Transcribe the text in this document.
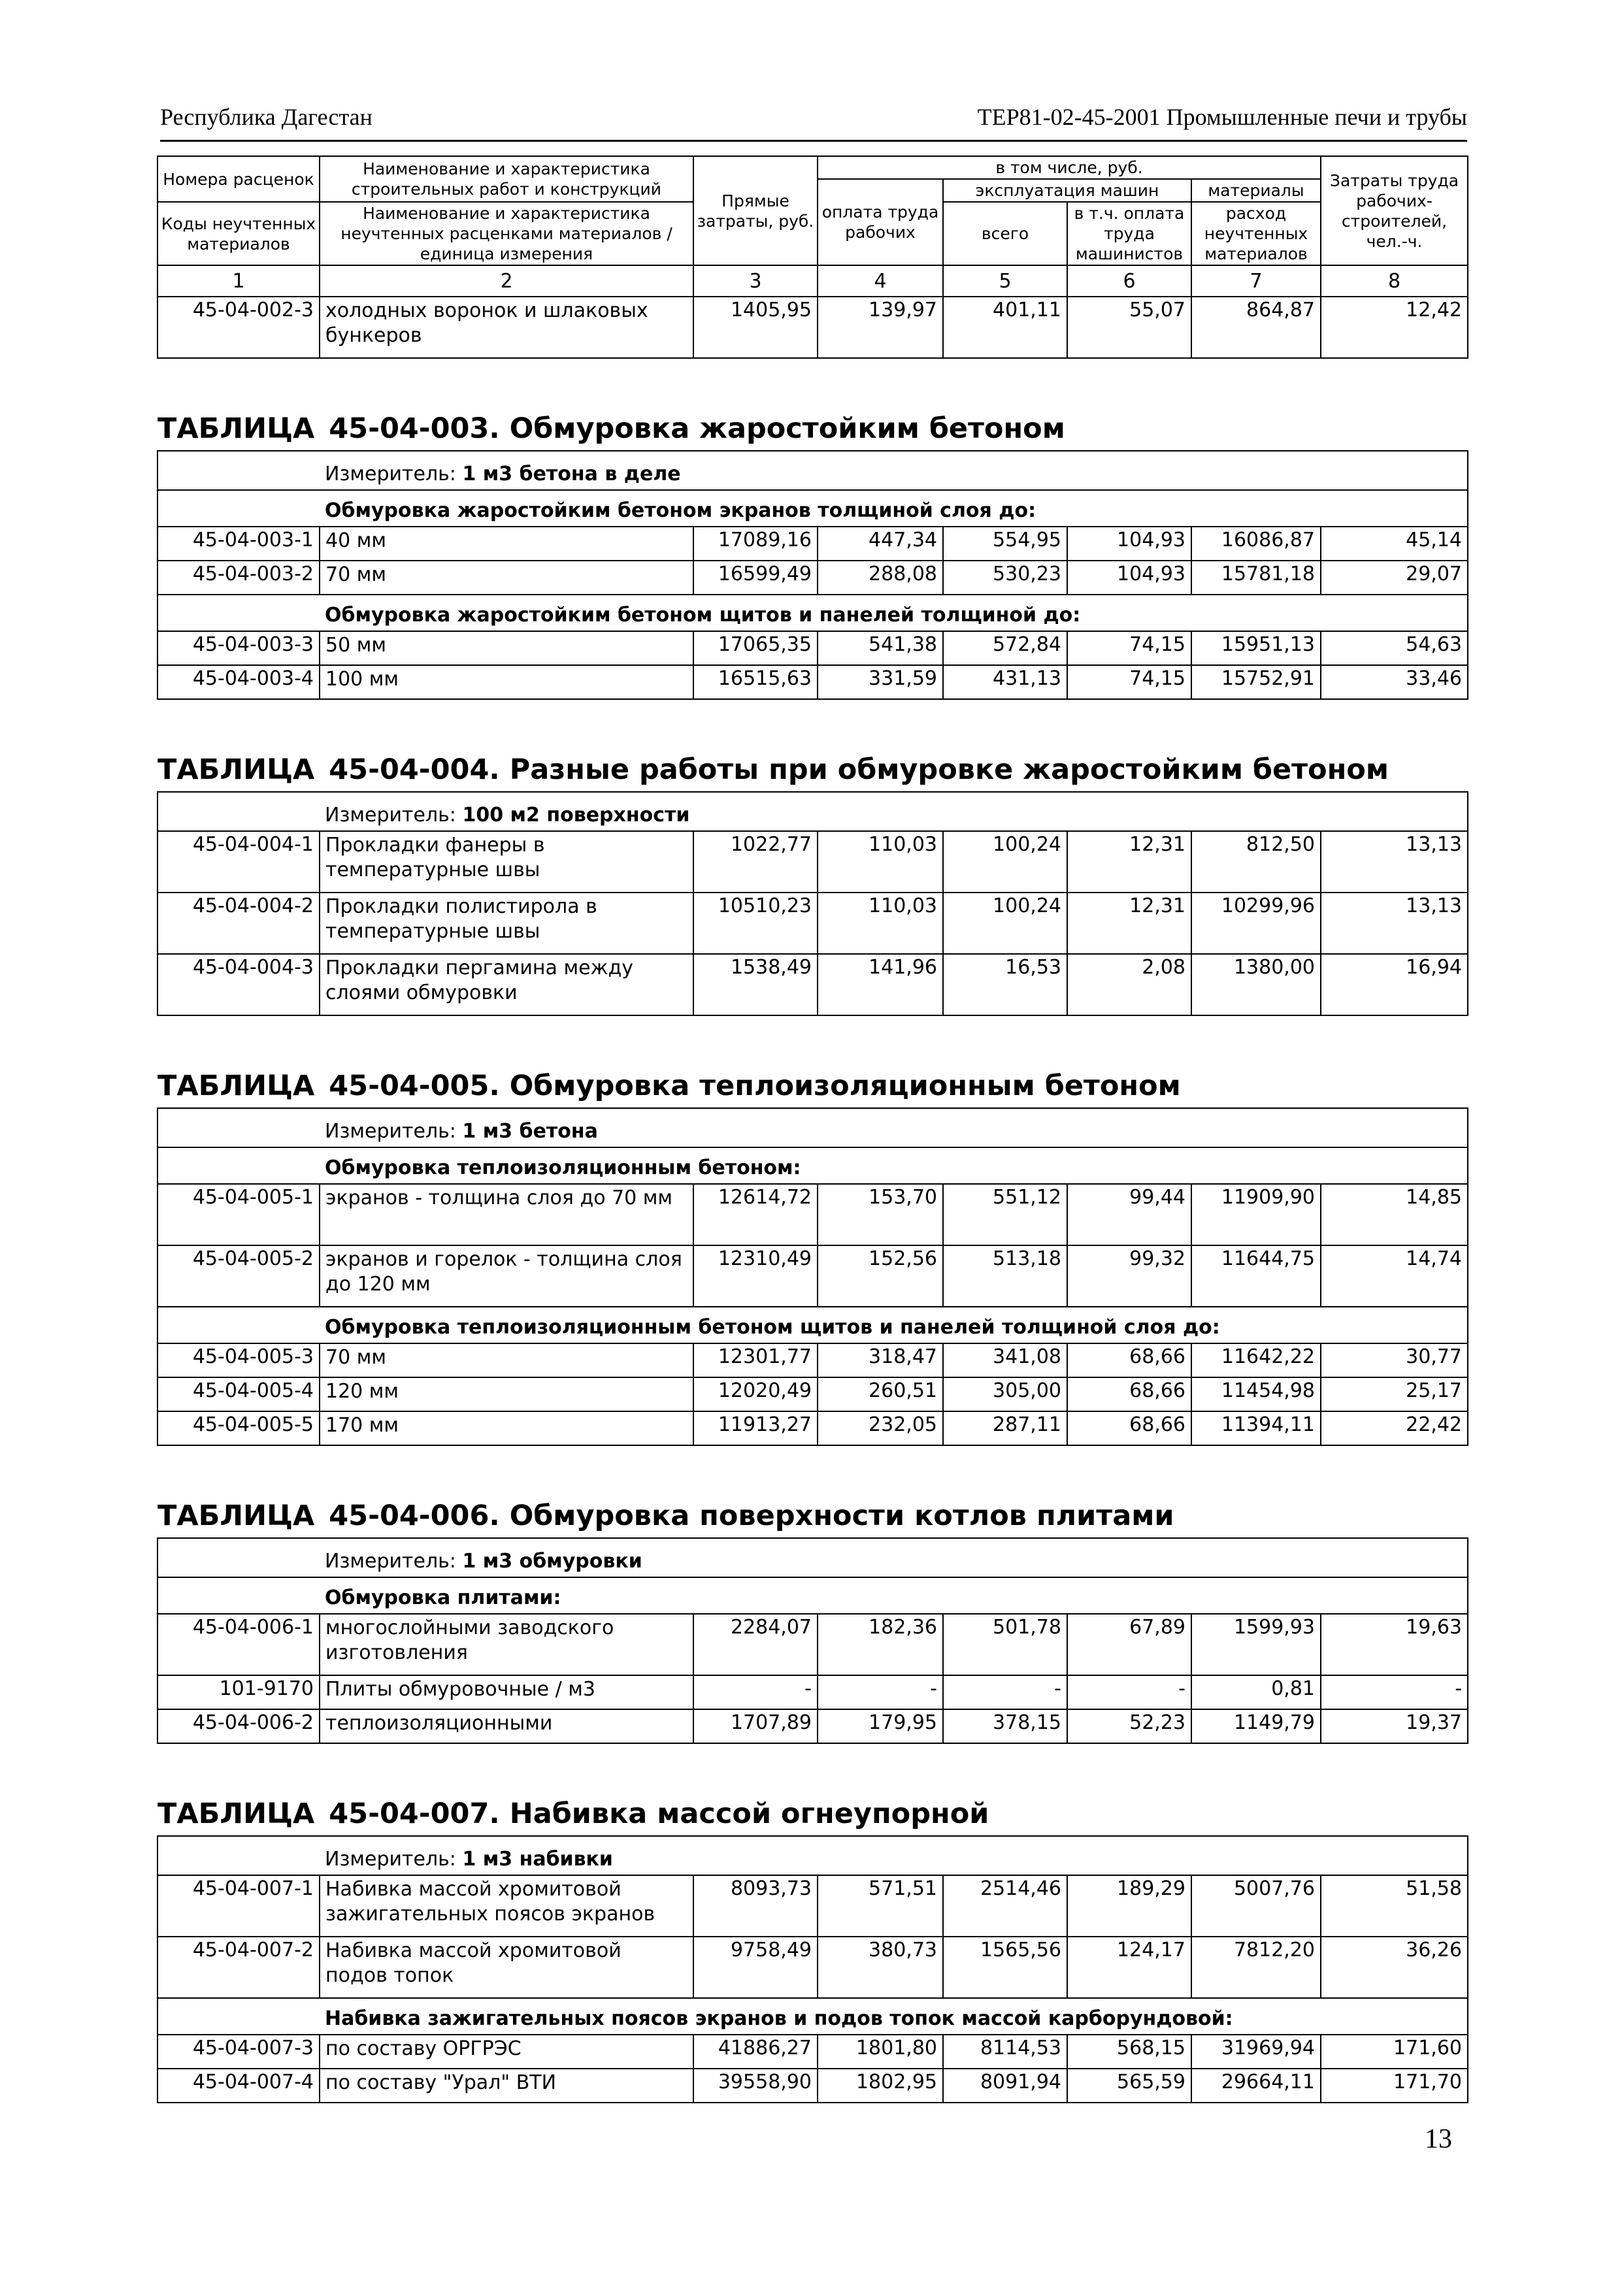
Республика Дагестан	ТЕР81-02-45-2001 Промышленные печи и трубы
Номера расценок	Наименование и характеристика строительных работ и конструкций	Прямые затраты, руб.	в том числе, руб.				Затраты труда рабочих-строителей, чел.-ч.
			оплата труда рабочих	эксплуатация машин		материалы	

Коды неучтенных материалов	Наименование и характеристика неучтенных расценками материалов / единица измерения			всего	в т.ч. оплата труда машинистов	расход неучтенных материалов	

1	2	3	4	5	6	7	8
45-04-002-3	холодных воронок и шлаковых бункеров	1405,95	139,97	401,11	55,07	864,87	12,42

ТАБЛИЦА 45-04-003. Обмуровка жаростойким бетоном							
	Измеритель: 1 м3 бетона в деле						
	Обмуровка жаростойким бетоном экранов толщиной слоя до:						
45-04-003-1	40 мм	17089,16	447,34	554,95	104,93	16086,87	45,14
45-04-003-2	70 мм	16599,49	288,08	530,23	104,93	15781,18	29,07
	Обмуровка жаростойким бетоном щитов и панелей толщиной до:						
45-04-003-3	50 мм	17065,35	541,38	572,84	74,15	15951,13	54,63
45-04-003-4	100 мм	16515,63	331,59	431,13	74,15	15752,91	33,46

ТАБЛИЦА 45-04-004. Разные работы при обмуровке жаростойким бетоном							
	Измеритель: 100 м2 поверхности						
45-04-004-1	Прокладки фанеры в температурные швы	1022,77	110,03	100,24	12,31	812,50	13,13
45-04-004-2	Прокладки полистирола в температурные швы	10510,23	110,03	100,24	12,31	10299,96	13,13
45-04-004-3	Прокладки пергамина между слоями обмуровки	1538,49	141,96	16,53	2,08	1380,00	16,94

ТАБЛИЦА 45-04-005. Обмуровка теплоизоляционным бетоном							
	Измеритель: 1 м3 бетона						
	Обмуровка теплоизоляционным бетоном:						
45-04-005-1	экранов - толщина слоя до 70 мм	12614,72	153,70	551,12	99,44	11909,90	14,85
45-04-005-2	экранов и горелок - толщина слоя до 120 мм	12310,49	152,56	513,18	99,32	11644,75	14,74
	Обмуровка теплоизоляционным бетоном щитов и панелей толщиной слоя до:						
45-04-005-3	70 мм	12301,77	318,47	341,08	68,66	11642,22	30,77
45-04-005-4	120 мм	12020,49	260,51	305,00	68,66	11454,98	25,17
45-04-005-5	170 мм	11913,27	232,05	287,11	68,66	11394,11	22,42

ТАБЛИЦА 45-04-006. Обмуровка поверхности котлов плитами							
	Измеритель: 1 м3 обмуровки						
	Обмуровка плитами:						
45-04-006-1	многослойными заводского изготовления	2284,07	182,36	501,78	67,89	1599,93	19,63
101-9170	Плиты обмуровочные / м3	-	-	-	-	0,81	-
45-04-006-2	теплоизоляционными	1707,89	179,95	378,15	52,23	1149,79	19,37

ТАБЛИЦА 45-04-007. Набивка массой огнеупорной							
	Измеритель: 1 м3 набивки						
45-04-007-1	Набивка массой хромитовой зажигательных поясов экранов	8093,73	571,51	2514,46	189,29	5007,76	51,58
45-04-007-2	Набивка массой хромитовой подов топок	9758,49	380,73	1565,56	124,17	7812,20	36,26
	Набивка зажигательных поясов экранов и подов топок массой карборундовой:						
45-04-007-3	по составу ОРГРЭС	41886,27	1801,80	8114,53	568,15	31969,94	171,60
45-04-007-4	по составу "Урал" ВТИ	39558,90	1802,95	8091,94	565,59	29664,11	171,70
13
